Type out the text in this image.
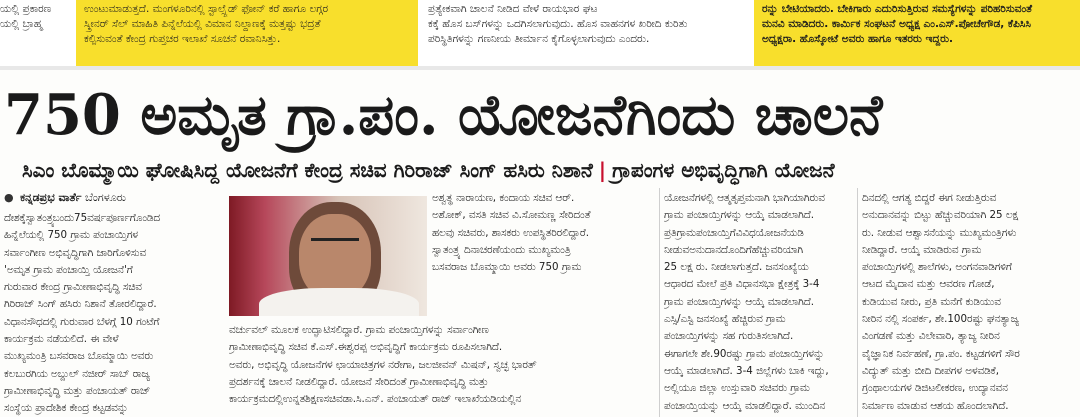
ಯಲ್ಲಿ ಪ್ರಕಾರಣ

ಯಲ್ಲಿ ಬ್ರಾಹ್ಮ

ಉಂಟುಮಾಡುತ್ತದೆ. ಮಂಗಳೂರಿನಲ್ಲಿ ಸ್ಟಾಲ್ಸ್ಟೆಡ್ ಫೋನ್ ಕರೆ ಹಾಗೂ ಲಗ್ಗರ

ಸ್ಕ್ರೀನರ್ ಸೆಲ್ ಮಾಹಿತಿ ಪಿನ್ನೆಲೆಯಲ್ಲಿ ವಿಮಾನ ನಿಲ್ದಾಣಕ್ಕೆ ಮತ್ತಷ್ಟು ಭದ್ರತೆ

ಕಲ್ಪಿಸುವಂತೆ ಕೇಂದ್ರ ಗುಪ್ತಚರ ಇಲಾಖೆ ಸೂಚನೆ ರವಾನಿಸಿತ್ತು.

ಪ್ರತ್ಯೇಕವಾಗಿ ಚಾಲನೆ ನೀಡಿದ ವೇಳೆ ರಾಯಭಾರ ಘಟ

ಕಕ್ಕೆ ಹೊಸ ಬಸ್‌ಗಳನ್ನು ಒದಗಿಸಲಾಗುವುದು. ಹೊಸ ವಾಹನಗಳ ಖರೀದಿ ಕುರಿತು

ಪರಿಸ್ಥಿತಿಗಳನ್ನು ಗಣನೀಯ ತೀರ್ಮಾನ ಕೈಗೊಳ್ಳಲಾಗುವುದು ಎಂದರು.

ರನ್ನು ಬೇಟಿಯಾದರು. ಬೇಕಿಗಾರು ಎದುರಿಸುತ್ತಿರುವ ಸಮಸ್ಯೆಗಳನ್ನು ಪರಿಹರಿಸುವಂತೆ

ಮನವಿ ಮಾಡಿದರು. ಕಾರ್ಮಿಕ ಸಂಘಟನೆ ಅಧ್ಯಕ್ಷ ಎಂ.ಎಸ್.ಪೋಚೇಗೌಡ, ಕೆಪಿಸಿಸಿ

ಅಧ್ಯಕ್ಷರಾ. ಹೊಸ್ಕೋಟೆ ಅವರು ಹಾಗೂ ಇತರರು ಇದ್ದರು.

750 ಅಮೃತ ಗ್ರಾ.ಪಂ. ಯೋಜನೆಗಿಂದು ಚಾಲನೆ
ಸಿಎಂ ಬೊಮ್ಮಾಯಿ ಘೋಷಿಸಿದ್ದ ಯೋಜನೆಗೆ ಕೇಂದ್ರ ಸಚಿವ ಗಿರಿರಾಜ್ ಸಿಂಗ್ ಹಸಿರು ನಿಶಾನೆ | ಗ್ರಾಪಂಗಳ ಅಭಿವೃದ್ಧಿಗಾಗಿ ಯೋಜನೆ
● ಕನ್ನಡಪ್ರಭ ವಾರ್ತೆ ಬೆಂಗಳೂರು

ದೇಶಕ್ಕೆಸ್ವಾತಂತ್ರ್ಯಬಂದು75ವರ್ಷಪೂರ್ಣಗೊಂಡಿದ

ಹಿನ್ನೆಲೆಯಲ್ಲಿ 750 ಗ್ರಾಮ ಪಂಚಾಯ್ತಿಗಳ

ಸರ್ವಾಂಗೀಣ ಅಭಿವೃದ್ಧಿಗಾಗಿ ಜಾರಿಗೊಳಿಸುವ

'ಅಮೃತ ಗ್ರಾಮ ಪಂಚಾಯ್ತಿ ಯೋಜನೆ'ಗೆ

ಗುರುವಾರ ಕೇಂದ್ರ ಗ್ರಾಮೀಣಾಭಿವೃದ್ಧಿ ಸಚಿವ

ಗಿರಿರಾಜ್ ಸಿಂಗ್ ಹಸಿರು ನಿಶಾನೆ ತೋರಲಿದ್ದಾರೆ.

ವಿಧಾನಸೌಧದಲ್ಲಿ ಗುರುವಾರ ಬೆಳಗ್ಗೆ 10 ಗಂಟೆಗೆ

ಕಾರ್ಯಕ್ರಮ ನಡೆಯಲಿದೆ. ಈ ವೇಳೆ

ಮುಖ್ಯಮಂತ್ರಿ ಬಸವರಾಜ ಬೊಮ್ಮಾಯಿ ಅವರು

ಕಲಬುರಗಿಯ ಅಬ್ದುಲ್ ನಜೀರ್ ಸಾಬ್ ರಾಜ್ಯ

ಗ್ರಾಮೀಣಾಭಿವೃದ್ಧಿ ಮತ್ತು ಪಂಚಾಯತ್ ರಾಜ್

ಸಂಸ್ಥೆಯ ಪ್ರಾದೇಶಿಕ ಕೇಂದ್ರ ಕಟ್ಟಡವನ್ನು

ಅಶ್ವತ್ಥ ನಾರಾಯಣ, ಕಂದಾಯ ಸಚಿವ ಆರ್.

ಅಶೋಕ್, ವಸತಿ ಸಚಿವ ವಿ.ಸೋಮಣ್ಣ ಸೇರಿದಂತೆ

ಹಲವು ಸಚಿವರು, ಶಾಸಕರು ಉಪಸ್ಥಿತರಿರಲಿದ್ದಾರೆ.

ಸ್ವಾತಂತ್ರ್ಯ ದಿನಾಚರಣೆಯಂದು ಮುಖ್ಯಮಂತ್ರಿ

ಬಸವರಾಜ ಬೊಮ್ಮಾಯಿ ಅವರು 750 ಗ್ರಾಮ

ವರ್ಚುವಲ್ ಮೂಲಕ ಉದ್ಘಾಟಿಸಲಿದ್ದಾರೆ. ಗ್ರಾಮ ಪಂಚಾಯ್ತಿಗಳನ್ನು ಸರ್ವಾಂಗೀಣ

ಗ್ರಾಮೀಣಾಭಿವೃದ್ಧಿ ಸಚಿವ ಕೆ.ಎಸ್.ಈಶ್ವರಪ್ಪ ಅಭಿವೃದ್ಧಿಗೆ ಕಾರ್ಯಕ್ರಮ ರೂಪಿಸಲಾಗಿದೆ.

ಅವರು, ಅಭಿವೃದ್ಧಿ ಯೋಜನೆಗಳ ಛಾಯಾಚಿತ್ರಗಳ ನರೇಗಾ, ಜಲಜೀವನ್ ಮಿಷನ್, ಸ್ವಚ್ಛ ಭಾರತ್

ಪ್ರದರ್ಶನಕ್ಕೆ ಚಾಲನೆ ನೀಡಲಿದ್ದಾರೆ. ಯೋಜನೆ ಸೇರಿದಂತೆ ಗ್ರಾಮೀಣಾಭಿವೃದ್ಧಿ ಮತ್ತು

ಕಾರ್ಯಕ್ರಮದಲ್ಲಿಉನ್ನತಶಿಕ್ಷಣಸಚಿವಡಾ.ಸಿ.ಎನ್. ಪಂಚಾಯತ್ ರಾಜ್ ಇಲಾಖೆಯಡಿಯಲ್ಲಿನ

ಯೋಜನೆಗಳಲ್ಲಿ ಆತ್ಮತೃಪ್ತಮನಾಗಿ ಭಾಗಿಯಾಗಿರುವ

ಗ್ರಾಮ ಪಂಚಾಯ್ತಿಗಳನ್ನು ಆಯ್ಕೆ ಮಾಡಲಾಗಿದೆ.

ಪ್ರತಿಗ್ರಾಮಪಂಚಾಯ್ತಿಗೆವಿವಿಧಯೋಜನೆಯಡಿ

ನೀಡುವಅನುದಾನದೊಂದಿಗೆಹೆಚ್ಚುವರಿಯಾಗಿ

25 ಲಕ್ಷ ರು. ನೀಡಲಾಗುತ್ತದೆ. ಜನಸಂಖ್ಯೆಯ

ಆಧಾರದ ಮೇಲೆ ಪ್ರತಿ ವಿಧಾನಸಭಾ ಕ್ಷೇತ್ರಕ್ಕೆ 3-4

ಗ್ರಾಮ ಪಂಚಾಯ್ತಿಗಳನ್ನು ಆಯ್ಕೆ ಮಾಡಲಾಗಿದೆ.

ಎಸ್ಸಿ/ಎಸ್ಟಿ ಜನಸಂಖ್ಯೆ ಹೆಚ್ಚಿರುವ ಗ್ರಾಮ

ಪಂಚಾಯ್ತಿಗಳನ್ನು ಸಹ ಗುರುತಿಸಲಾಗಿದೆ.

ಈಗಾಗಲೇ ಶೇ.90ರಷ್ಟು ಗ್ರಾಮ ಪಂಚಾಯ್ತಿಗಳನ್ನು

ಆಯ್ಕೆ ಮಾಡಲಾಗಿದೆ. 3-4 ಜಿಲ್ಲೆಗಳು ಬಾಕಿ ಇದ್ದು,

ಅಲ್ಲಿಯೂ ಜಿಲ್ಲಾ ಉಸ್ತುವಾರಿ ಸಚಿವರು ಗ್ರಾಮ

ಪಂಚಾಯ್ತಿಯನ್ನು ಆಯ್ಕೆ ಮಾಡಲಿದ್ದಾರೆ. ಮುಂದಿನ

ದಿನದಲ್ಲಿ ಆಗತ್ಯ ಬಿದ್ದರೆ ಈಗ ನೀಡುತ್ತಿರುವ

ಅನುದಾನವನ್ನು ಬಿಟ್ಟು ಹೆಚ್ಚುವರಿಯಾಗಿ 25 ಲಕ್ಷ

ರು. ನೀಡುವ ಆಶ್ವಾಸನೆಯನ್ನು ಮುಖ್ಯಮಂತ್ರಿಗಳು

ನೀಡಿದ್ದಾರೆ. ಆಯ್ಕೆ ಮಾಡಿರುವ ಗ್ರಾಮ

ಪಂಚಾಯ್ತಿಗಳಲ್ಲಿ ಶಾಲೆಗಳು, ಅಂಗನವಾಡಿಗಳಿಗೆ

ಆಟದ ಮೈದಾನ ಮತ್ತು ಆವರಣ ಗೋಡೆ,

ಕುಡಿಯುವ ನೀರು, ಪ್ರತಿ ಮನೆಗೆ ಕುಡಿಯುವ

ನೀರಿನ ನಲ್ಲಿ ಸಂಪರ್ಕ, ಶೇ.100ರಷ್ಟು ಘನತ್ಯಾಜ್ಯ

ವಿಂಗಡಣೆ ಮತ್ತು ವಿಲೇವಾರಿ, ತ್ಯಾಜ್ಯ ನೀರಿನ

ವೈಜ್ಞಾನಿಕ ನಿರ್ವಹಣೆ, ಗ್ರಾ.ಪಂ. ಕಟ್ಟಡಗಳಿಗೆ ಸೌರ

ವಿದ್ಯುತ್ ಮತ್ತು ಬೀದಿ ದೀಪಗಳ ಅಳವಡಿಕೆ,

ಗ್ರಂಥಾಲಯಗಳ ಡಿಜಿಟಲೀಕರಣ, ಉದ್ಯಾನವನ

ನಿರ್ಮಾಣ ಮಾಡುವ ಆಶಯ ಹೊಂದಲಾಗಿದೆ.
